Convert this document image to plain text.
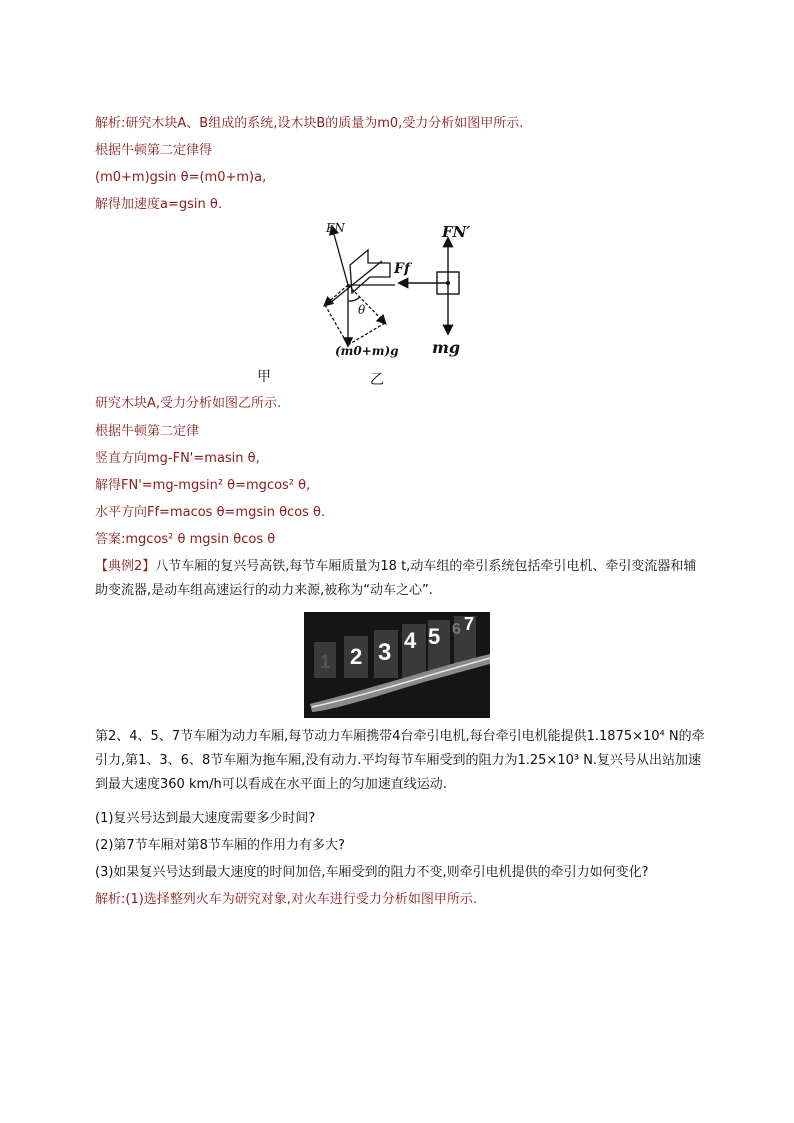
解析:研究木块A、B组成的系统,设木块B的质量为m0,受力分析如图甲所示.
根据牛顿第二定律得
(m0+m)gsin θ=(m0+m)a,
解得加速度a=gsin θ.
FN
θ
(m0+m)g
FN′
Ff
mg
甲	乙
研究木块A,受力分析如图乙所示.
根据牛顿第二定律
竖直方向mg-FN'=masin θ,
解得FN'=mg-mgsin² θ=mgcos² θ,
水平方向Ff=macos θ=mgsin θcos θ.
答案:mgcos² θ mgsin θcos θ
【典例2】八节车厢的复兴号高铁,每节车厢质量为18 t,动车组的牵引系统包括牵引电机、牵引变流器和辅助变流器,是动车组高速运行的动力来源,被称为“动车之心”.
1 2 3 4 5 6 7
第2、4、5、7节车厢为动力车厢,每节动力车厢携带4台牵引电机,每台牵引电机能提供1.1875×10⁴ N的牵引力,第1、3、6、8节车厢为拖车厢,没有动力.平均每节车厢受到的阻力为1.25×10³ N.复兴号从出站加速到最大速度360 km/h可以看成在水平面上的匀加速直线运动.
(1)复兴号达到最大速度需要多少时间?
(2)第7节车厢对第8节车厢的作用力有多大?
(3)如果复兴号达到最大速度的时间加倍,车厢受到的阻力不变,则牵引电机提供的牵引力如何变化?
解析:(1)选择整列火车为研究对象,对火车进行受力分析如图甲所示.
